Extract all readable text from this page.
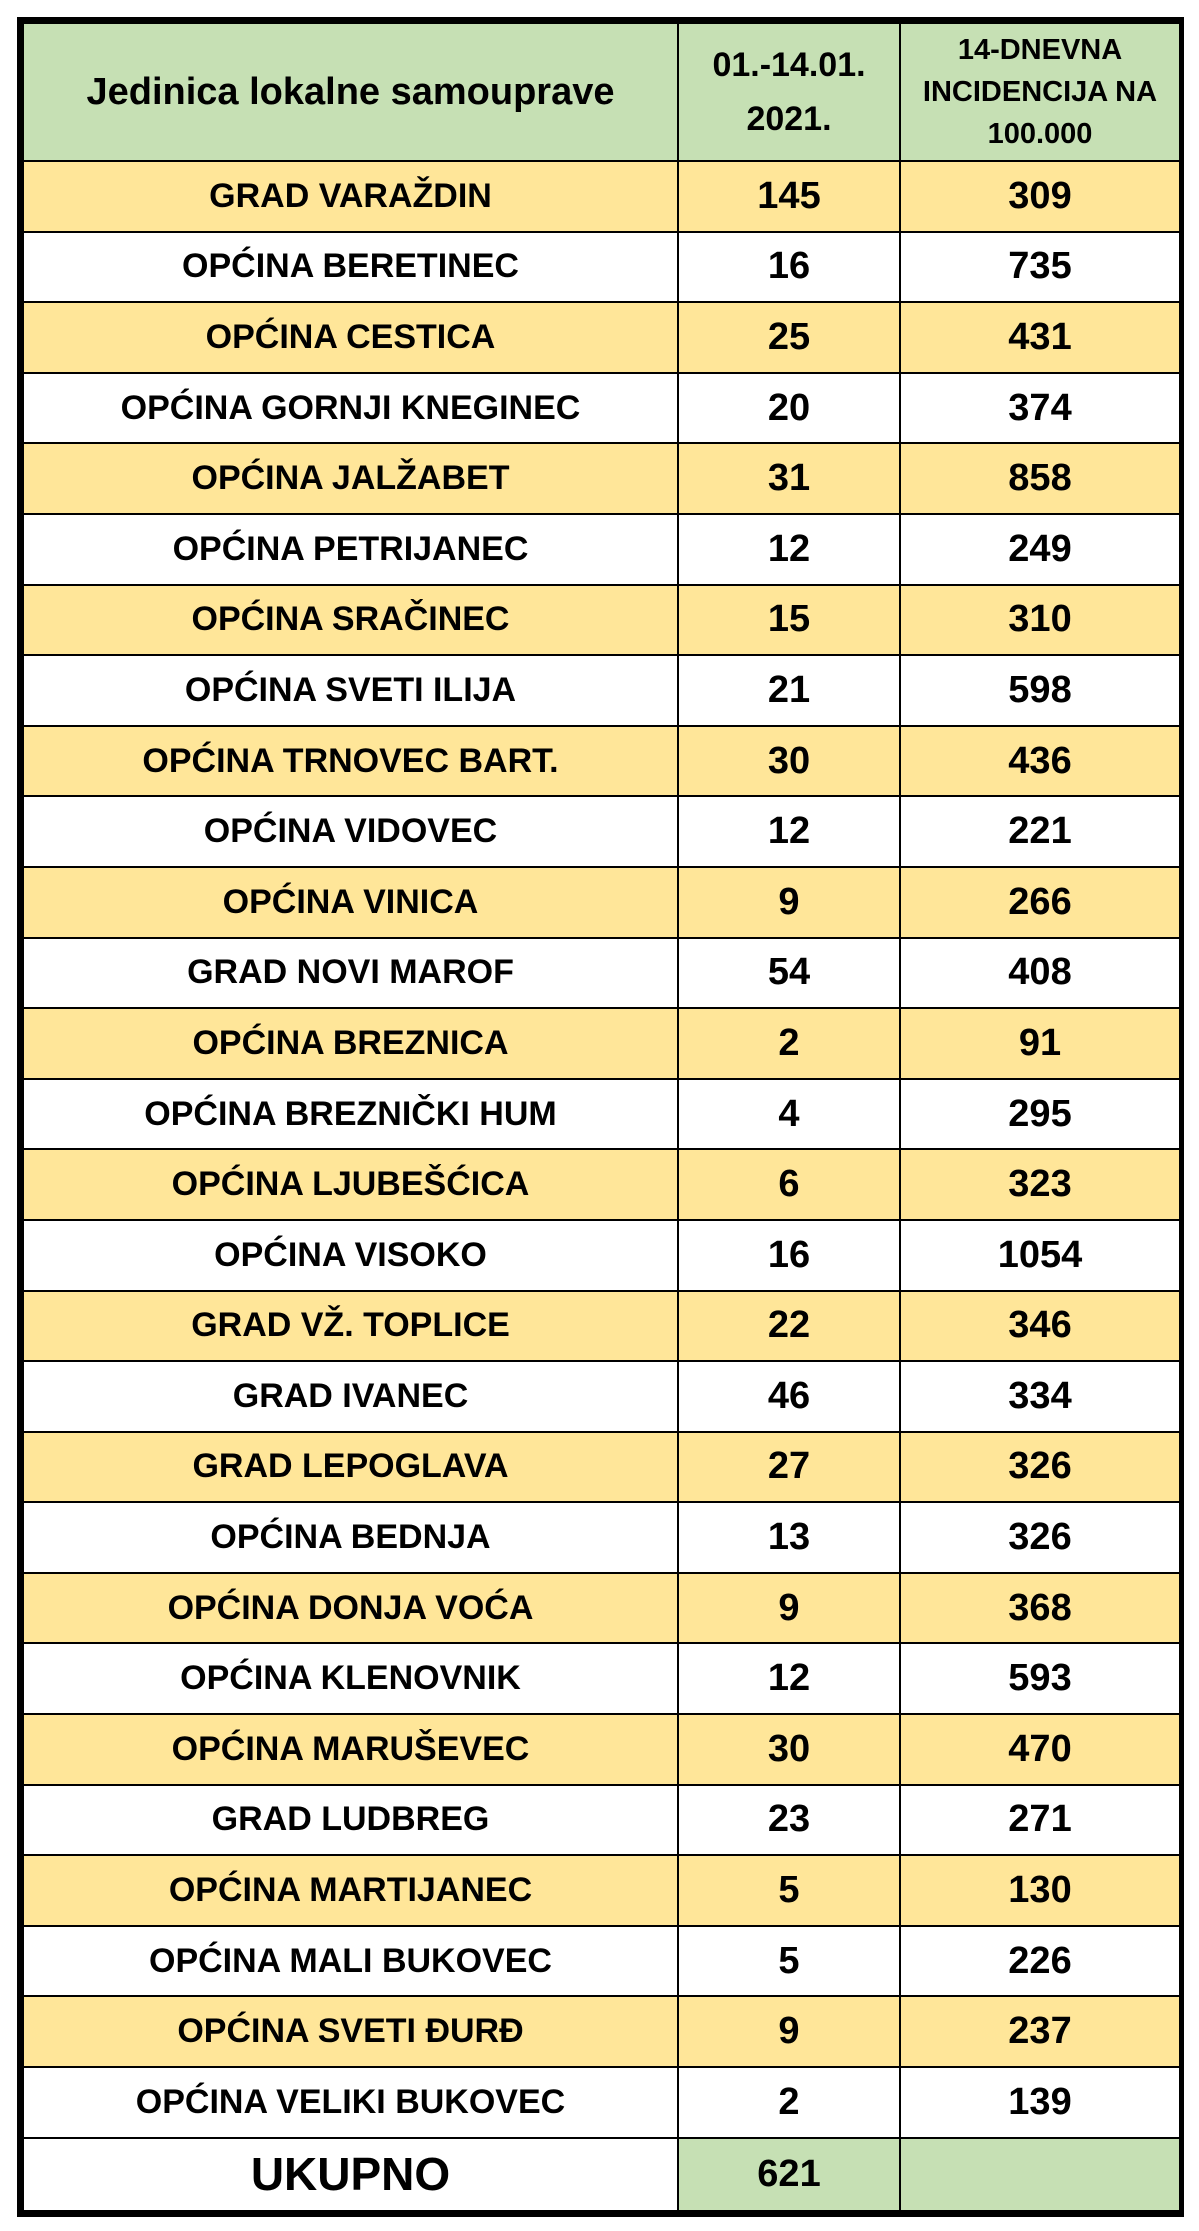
Jedinica lokalne samouprave	01.-14.01. 2021.	14-DNEVNA INCIDENCIJA NA 100.000
GRAD VARAŽDIN	145	309
OPĆINA BERETINEC	16	735
OPĆINA CESTICA	25	431
OPĆINA GORNJI KNEGINEC	20	374
OPĆINA JALŽABET	31	858
OPĆINA PETRIJANEC	12	249
OPĆINA SRAČINEC	15	310
OPĆINA SVETI ILIJA	21	598
OPĆINA TRNOVEC BART.	30	436
OPĆINA VIDOVEC	12	221
OPĆINA VINICA	9	266
GRAD NOVI MAROF	54	408
OPĆINA BREZNICA	2	91
OPĆINA BREZNIČKI HUM	4	295
OPĆINA LJUBEŠĆICA	6	323
OPĆINA VISOKO	16	1054
GRAD VŽ. TOPLICE	22	346
GRAD IVANEC	46	334
GRAD LEPOGLAVA	27	326
OPĆINA BEDNJA	13	326
OPĆINA DONJA VOĆA	9	368
OPĆINA KLENOVNIK	12	593
OPĆINA MARUŠEVEC	30	470
GRAD LUDBREG	23	271
OPĆINA MARTIJANEC	5	130
OPĆINA MALI BUKOVEC	5	226
OPĆINA SVETI ĐURĐ	9	237
OPĆINA VELIKI BUKOVEC	2	139
UKUPNO	621	
